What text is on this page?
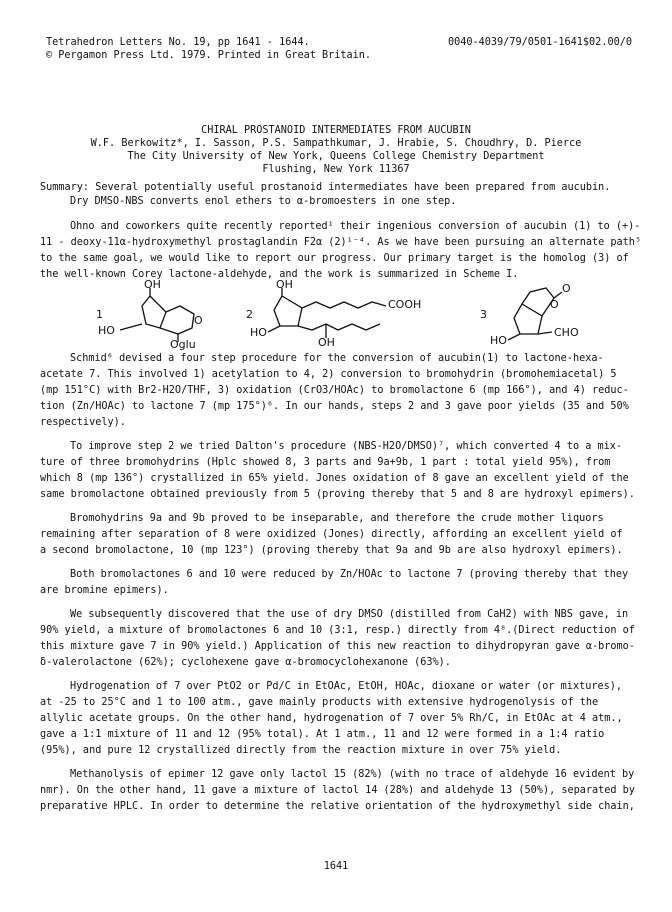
Tetrahedron Letters No. 19, pp 1641 - 1644.
© Pergamon Press Ltd. 1979. Printed in Great Britain.
0040-4039/79/0501-1641$02.00/0
CHIRAL PROSTANOID INTERMEDIATES FROM AUCUBIN
W.F. Berkowitz*, I. Sasson, P.S. Sampathkumar, J. Hrabie, S. Choudhry, D. Pierce
The City University of New York, Queens College Chemistry Department
Flushing, New York 11367
Summary: Several potentially useful prostanoid intermediates have been prepared from aucubin.
Dry DMSO-NBS converts enol ethers to α-bromoesters in one step.
Ohno and coworkers quite recently reported¹ their ingenious conversion of aucubin (1) to (+)-
11 - deoxy-11α-hydroxymethyl prostaglandin F2α (2)¹⁻⁴. As we have been pursuing an alternate path⁵
to the same goal, we would like to report our progress. Our primary target is the homolog (3) of
the well-known Corey lactone-aldehyde, and the work is summarized in Scheme I.
1
OH
HO
O
Oglu
2
OH
HO
COOH
OH
3
O
O
CHO
HO
Schmid⁶ devised a four step procedure for the conversion of aucubin(1) to lactone-hexa-
acetate 7. This involved 1) acetylation to 4, 2) conversion to bromohydrin (bromohemiacetal) 5
(mp 151°C) with Br2-H2O/THF, 3) oxidation (CrO3/HOAc) to bromolactone 6 (mp 166°), and 4) reduc-
tion (Zn/HOAc) to lactone 7 (mp 175°)⁶. In our hands, steps 2 and 3 gave poor yields (35 and 50%
respectively).
To improve step 2 we tried Dalton's procedure (NBS-H2O/DMSO)⁷, which converted 4 to a mix-
ture of three bromohydrins (Hplc showed 8, 3 parts and 9a+9b, 1 part : total yield 95%), from
which 8 (mp 136°) crystallized in 65% yield. Jones oxidation of 8 gave an excellent yield of the
same bromolactone obtained previously from 5 (proving thereby that 5 and 8 are hydroxyl epimers).
Bromohydrins 9a and 9b proved to be inseparable, and therefore the crude mother liquors
remaining after separation of 8 were oxidized (Jones) directly, affording an excellent yield of
a second bromolactone, 10 (mp 123°) (proving thereby that 9a and 9b are also hydroxyl epimers).
Both bromolactones 6 and 10 were reduced by Zn/HOAc to lactone 7 (proving thereby that they
are bromine epimers).
We subsequently discovered that the use of dry DMSO (distilled from CaH2) with NBS gave, in
90% yield, a mixture of bromolactones 6 and 10 (3:1, resp.) directly from 4⁸.(Direct reduction of
this mixture gave 7 in 90% yield.) Application of this new reaction to dihydropyran gave α-bromo-
δ-valerolactone (62%); cyclohexene gave α-bromocyclohexanone (63%).
Hydrogenation of 7 over PtO2 or Pd/C in EtOAc, EtOH, HOAc, dioxane or water (or mixtures),
at -25 to 25°C and 1 to 100 atm., gave mainly products with extensive hydrogenolysis of the
allylic acetate groups. On the other hand, hydrogenation of 7 over 5% Rh/C, in EtOAc at 4 atm.,
gave a 1:1 mixture of 11 and 12 (95% total). At 1 atm., 11 and 12 were formed in a 1:4 ratio
(95%), and pure 12 crystallized directly from the reaction mixture in over 75% yield.
Methanolysis of epimer 12 gave only lactol 15 (82%) (with no trace of aldehyde 16 evident by
nmr). On the other hand, 11 gave a mixture of lactol 14 (28%) and aldehyde 13 (50%), separated by
preparative HPLC. In order to determine the relative orientation of the hydroxymethyl side chain,
1641
